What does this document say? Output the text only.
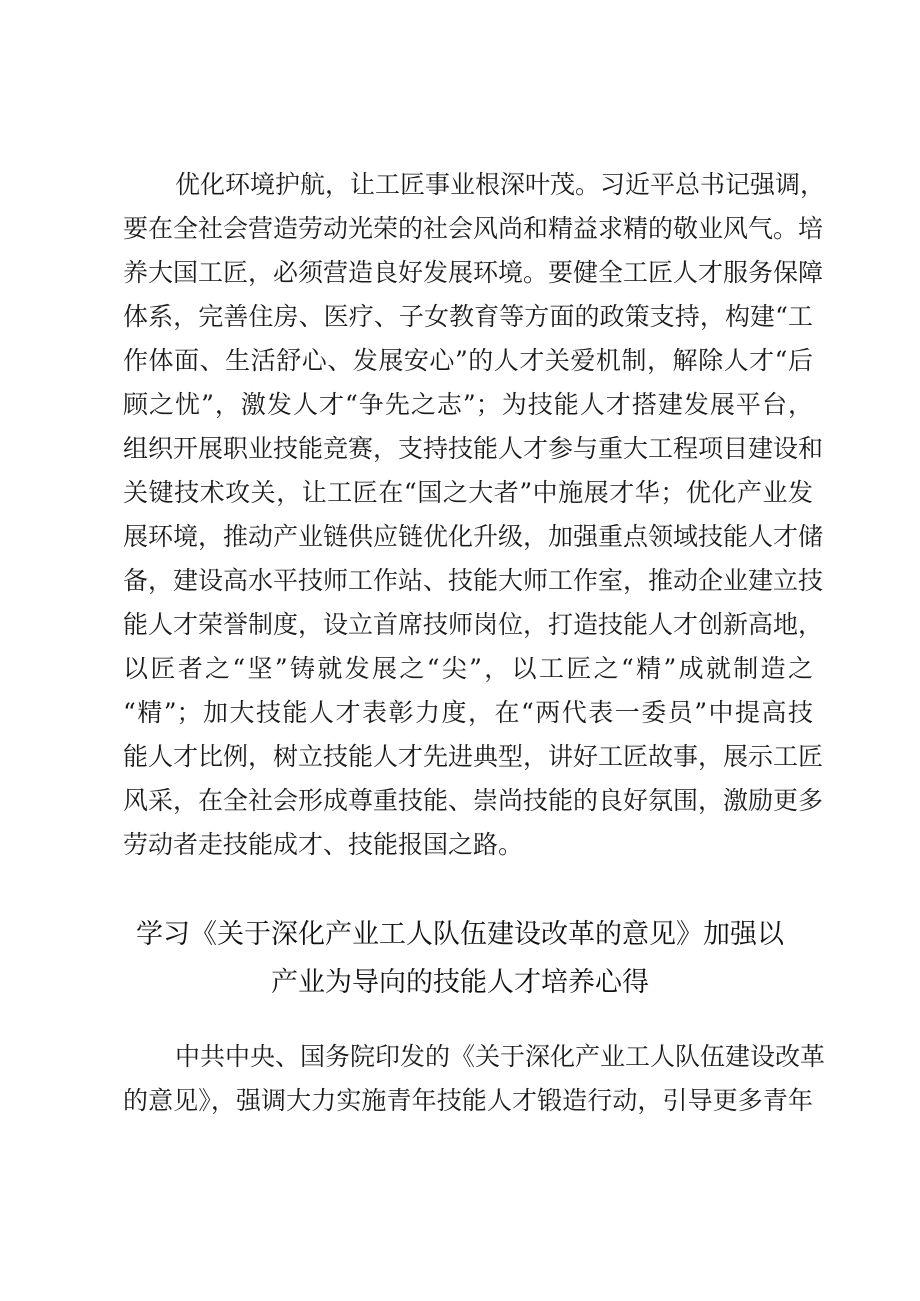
优化环境护航，让工匠事业根深叶茂。习近平总书记强调，
要在全社会营造劳动光荣的社会风尚和精益求精的敬业风气。培
养大国工匠，必须营造良好发展环境。要健全工匠人才服务保障
体系，完善住房、医疗、子女教育等方面的政策支持，构建“工
作体面、生活舒心、发展安心”的人才关爱机制，解除人才“后
顾之忧”，激发人才“争先之志”；为技能人才搭建发展平台，
组织开展职业技能竞赛，支持技能人才参与重大工程项目建设和
关键技术攻关，让工匠在“国之大者”中施展才华；优化产业发
展环境，推动产业链供应链优化升级，加强重点领域技能人才储
备，建设高水平技师工作站、技能大师工作室，推动企业建立技
能人才荣誉制度，设立首席技师岗位，打造技能人才创新高地，
以匠者之“坚”铸就发展之“尖”，以工匠之“精”成就制造之
“精”；加大技能人才表彰力度，在“两代表一委员”中提高技
能人才比例，树立技能人才先进典型，讲好工匠故事，展示工匠
风采，在全社会形成尊重技能、崇尚技能的良好氛围，激励更多
劳动者走技能成才、技能报国之路。
学习《关于深化产业工人队伍建设改革的意见》加强以
产业为导向的技能人才培养心得
中共中央、国务院印发的《关于深化产业工人队伍建设改革
的意见》，强调大力实施青年技能人才锻造行动，引导更多青年
